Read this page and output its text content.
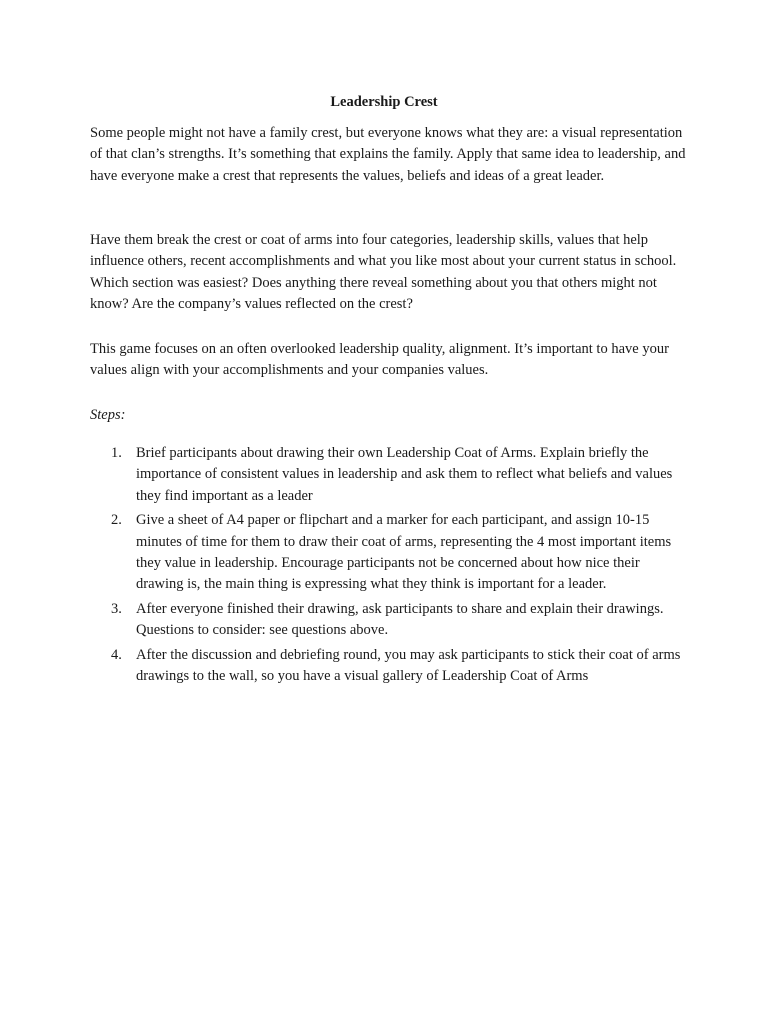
Leadership Crest
Some people might not have a family crest, but everyone knows what they are: a visual representation of that clan’s strengths. It’s something that explains the family. Apply that same idea to leadership, and have everyone make a crest that represents the values, beliefs and ideas of a great leader.
Have them break the crest or coat of arms into four categories, leadership skills, values that help influence others, recent accomplishments and what you like most about your current status in school. Which section was easiest? Does anything there reveal something about you that others might not know? Are the company’s values reflected on the crest?
This game focuses on an often overlooked leadership quality, alignment. It’s important to have your values align with your accomplishments and your companies values.
Steps:
1. Brief participants about drawing their own Leadership Coat of Arms. Explain briefly the importance of consistent values in leadership and ask them to reflect what beliefs and values they find important as a leader
2. Give a sheet of A4 paper or flipchart and a marker for each participant, and assign 10-15 minutes of time for them to draw their coat of arms, representing the 4 most important items they value in leadership. Encourage participants not be concerned about how nice their drawing is, the main thing is expressing what they think is important for a leader.
3. After everyone finished their drawing, ask participants to share and explain their drawings. Questions to consider: see questions above.
4. After the discussion and debriefing round, you may ask participants to stick their coat of arms drawings to the wall, so you have a visual gallery of Leadership Coat of Arms
